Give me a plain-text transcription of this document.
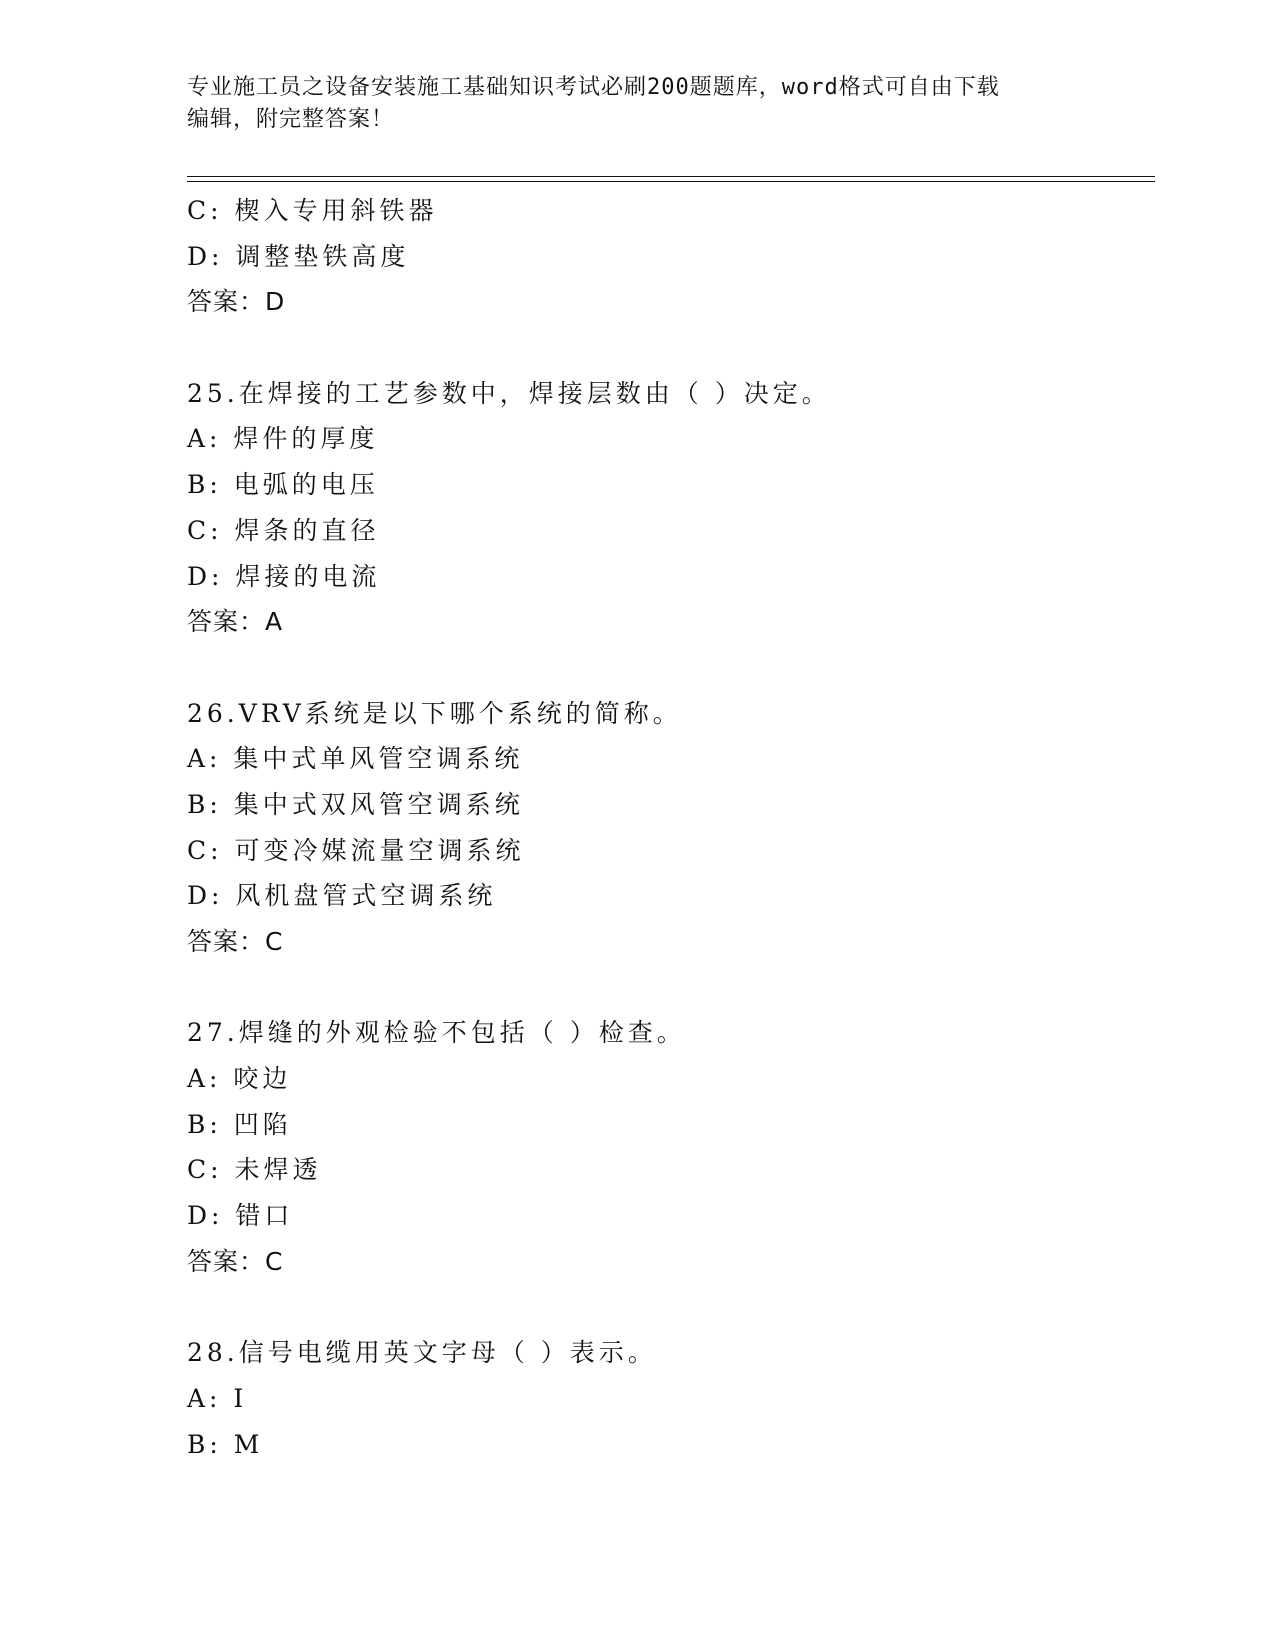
专业施工员之设备安装施工基础知识考试必刷200题题库，word格式可自由下载
编辑，附完整答案！
C: 楔入专用斜铁器
D: 调整垫铁高度
答案：D
25.在焊接的工艺参数中，焊接层数由（ ）决定。
A: 焊件的厚度
B: 电弧的电压
C: 焊条的直径
D: 焊接的电流
答案：A
26.VRV系统是以下哪个系统的简称。
A: 集中式单风管空调系统
B: 集中式双风管空调系统
C: 可变冷媒流量空调系统
D: 风机盘管式空调系统
答案：C
27.焊缝的外观检验不包括（ ）检查。
A: 咬边
B: 凹陷
C: 未焊透
D: 错口
答案：C
28.信号电缆用英文字母（ ）表示。
A: I
B: M
